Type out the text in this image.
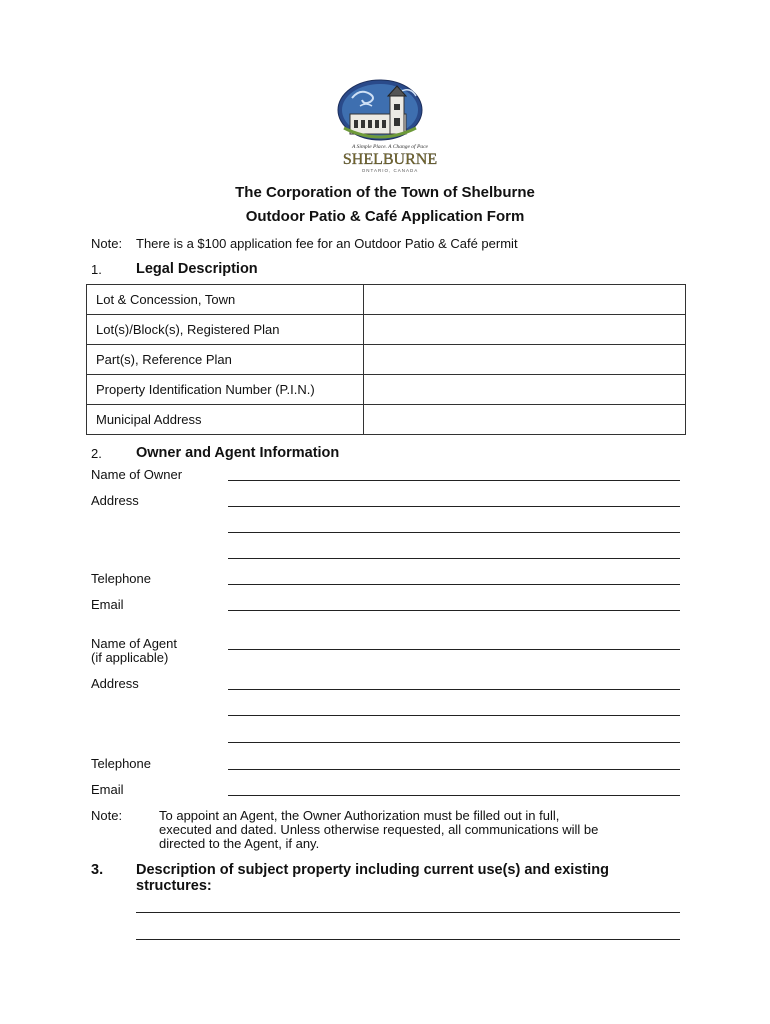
A Simple Place. A Change of Pace
SHELBURNE
ONTARIO, CANADA
The Corporation of the Town of Shelburne
Outdoor Patio & Café Application Form
Note: There is a $100 application fee for an Outdoor Patio & Café permit
1. Legal Description
Lot & Concession, Town	
Lot(s)/Block(s), Registered Plan	
Part(s), Reference Plan	
Property Identification Number (P.I.N.)	
Municipal Address	
2. Owner and Agent Information
Name of Owner
Address
Telephone
Email
Name of Agent
(if applicable)
Address
Telephone
Email
Note:	To appoint an Agent, the Owner Authorization must be filled out in full,
executed and dated. Unless otherwise requested, all communications will be
directed to the Agent, if any.
3. Description of subject property including current use(s) and existing
structures:
